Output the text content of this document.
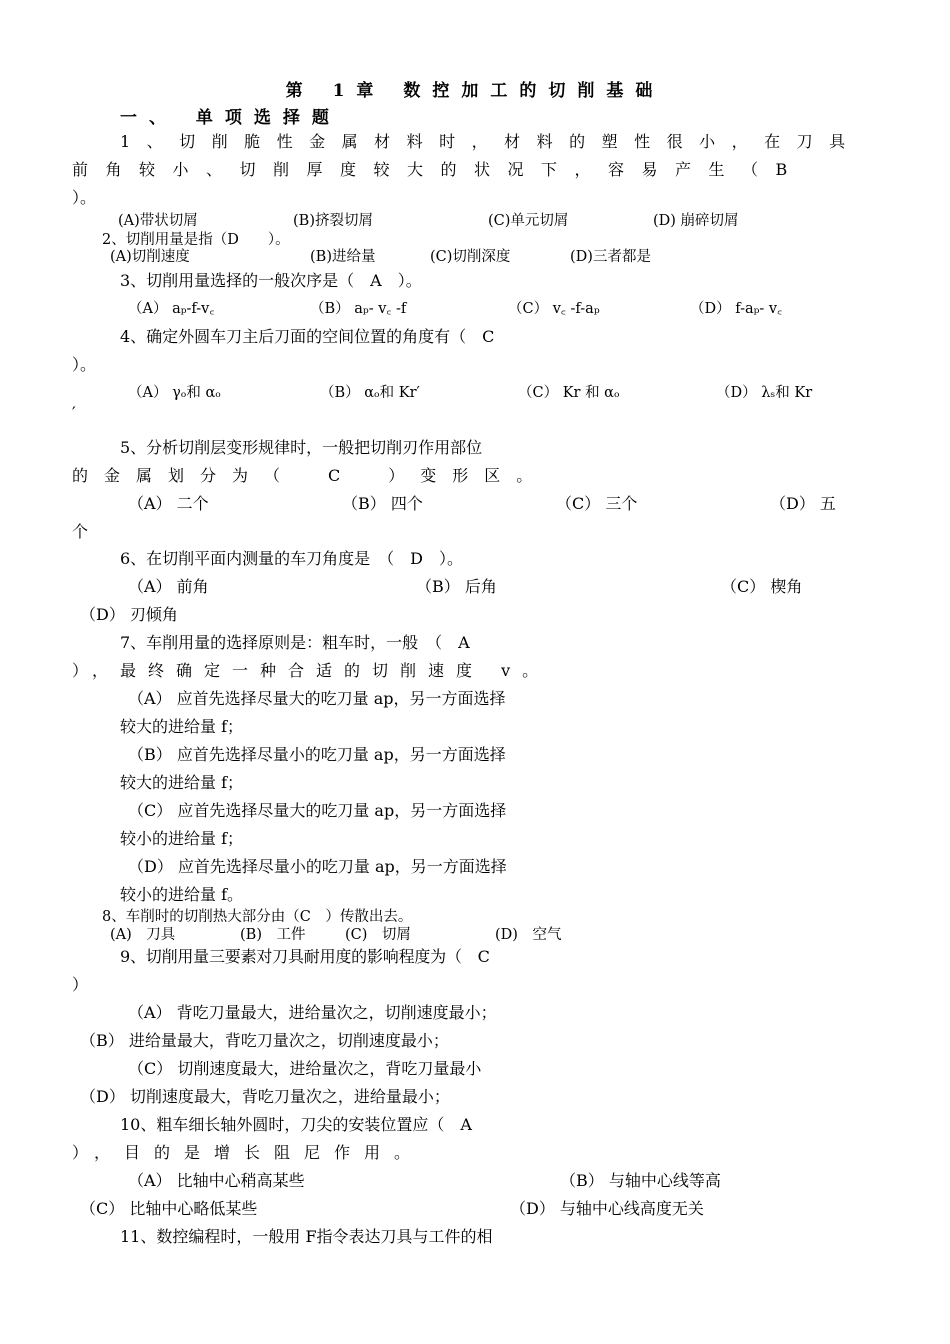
第 1章 数控加工的切削基础
一、 单项选择题
1、切削脆性金属材料时，材料的塑性很小，在刀具
前角较小、切削厚度较大的状况下，容易产生（B
）。
(A)带状切屑	(B)挤裂切屑	(C)单元切屑	(D) 崩碎切屑
2、切削用量是指（D　　）。
(A)切削速度	(B)进给量	(C)切削深度	(D)三者都是
3、切削用量选择的一般次序是（　A　）。
（A） aₚ-f-v꜀	（B） aₚ- v꜀ -f	（C） v꜀ -f-aₚ	（D） f-aₚ- v꜀
4、确定外圆车刀主后刀面的空间位置的角度有（　C
）。
（A） γₒ和 αₒ	（B） αₒ和 Kr′	（C） Kr 和 αₒ	（D） λₛ和 Kr
′
5、分析切削层变形规律时，一般把切削刃作用部位
的金属划分为（　C　）变形区。
（A） 二个	（B） 四个	（C） 三个	（D） 五
个
6、在切削平面内测量的车刀角度是　（　D　）。
（A） 前角	（B） 后角	（C） 楔角
（D） 刃倾角
7、车削用量的选择原则是：粗车时，一般　（　A
），最终确定一种合适的切削速度 v。
（A） 应首先选择尽量大的吃刀量 ap，另一方面选择
较大的进给量 f；
（B） 应首先选择尽量小的吃刀量 ap，另一方面选择
较大的进给量 f；
（C） 应首先选择尽量大的吃刀量 ap，另一方面选择
较小的进给量 f；
（D） 应首先选择尽量小的吃刀量 ap，另一方面选择
较小的进给量 f。
8、车削时的切削热大部分由（C　）传散出去。
(A)　刀具	(B)　工件	(C)　切屑	(D)　空气
9、切削用量三要素对刀具耐用度的影响程度为（　C
）
（A） 背吃刀量最大，进给量次之，切削速度最小；
（B） 进给量最大，背吃刀量次之，切削速度最小；
（C） 切削速度最大，进给量次之，背吃刀量最小
（D） 切削速度最大，背吃刀量次之，进给量最小；
10、粗车细长轴外圆时，刀尖的安装位置应（　A
），目的是增长阻尼作用。
（A） 比轴中心稍高某些	（B） 与轴中心线等高
（C） 比轴中心略低某些	（D） 与轴中心线高度无关
11、数控编程时，一般用 F指令表达刀具与工件的相
